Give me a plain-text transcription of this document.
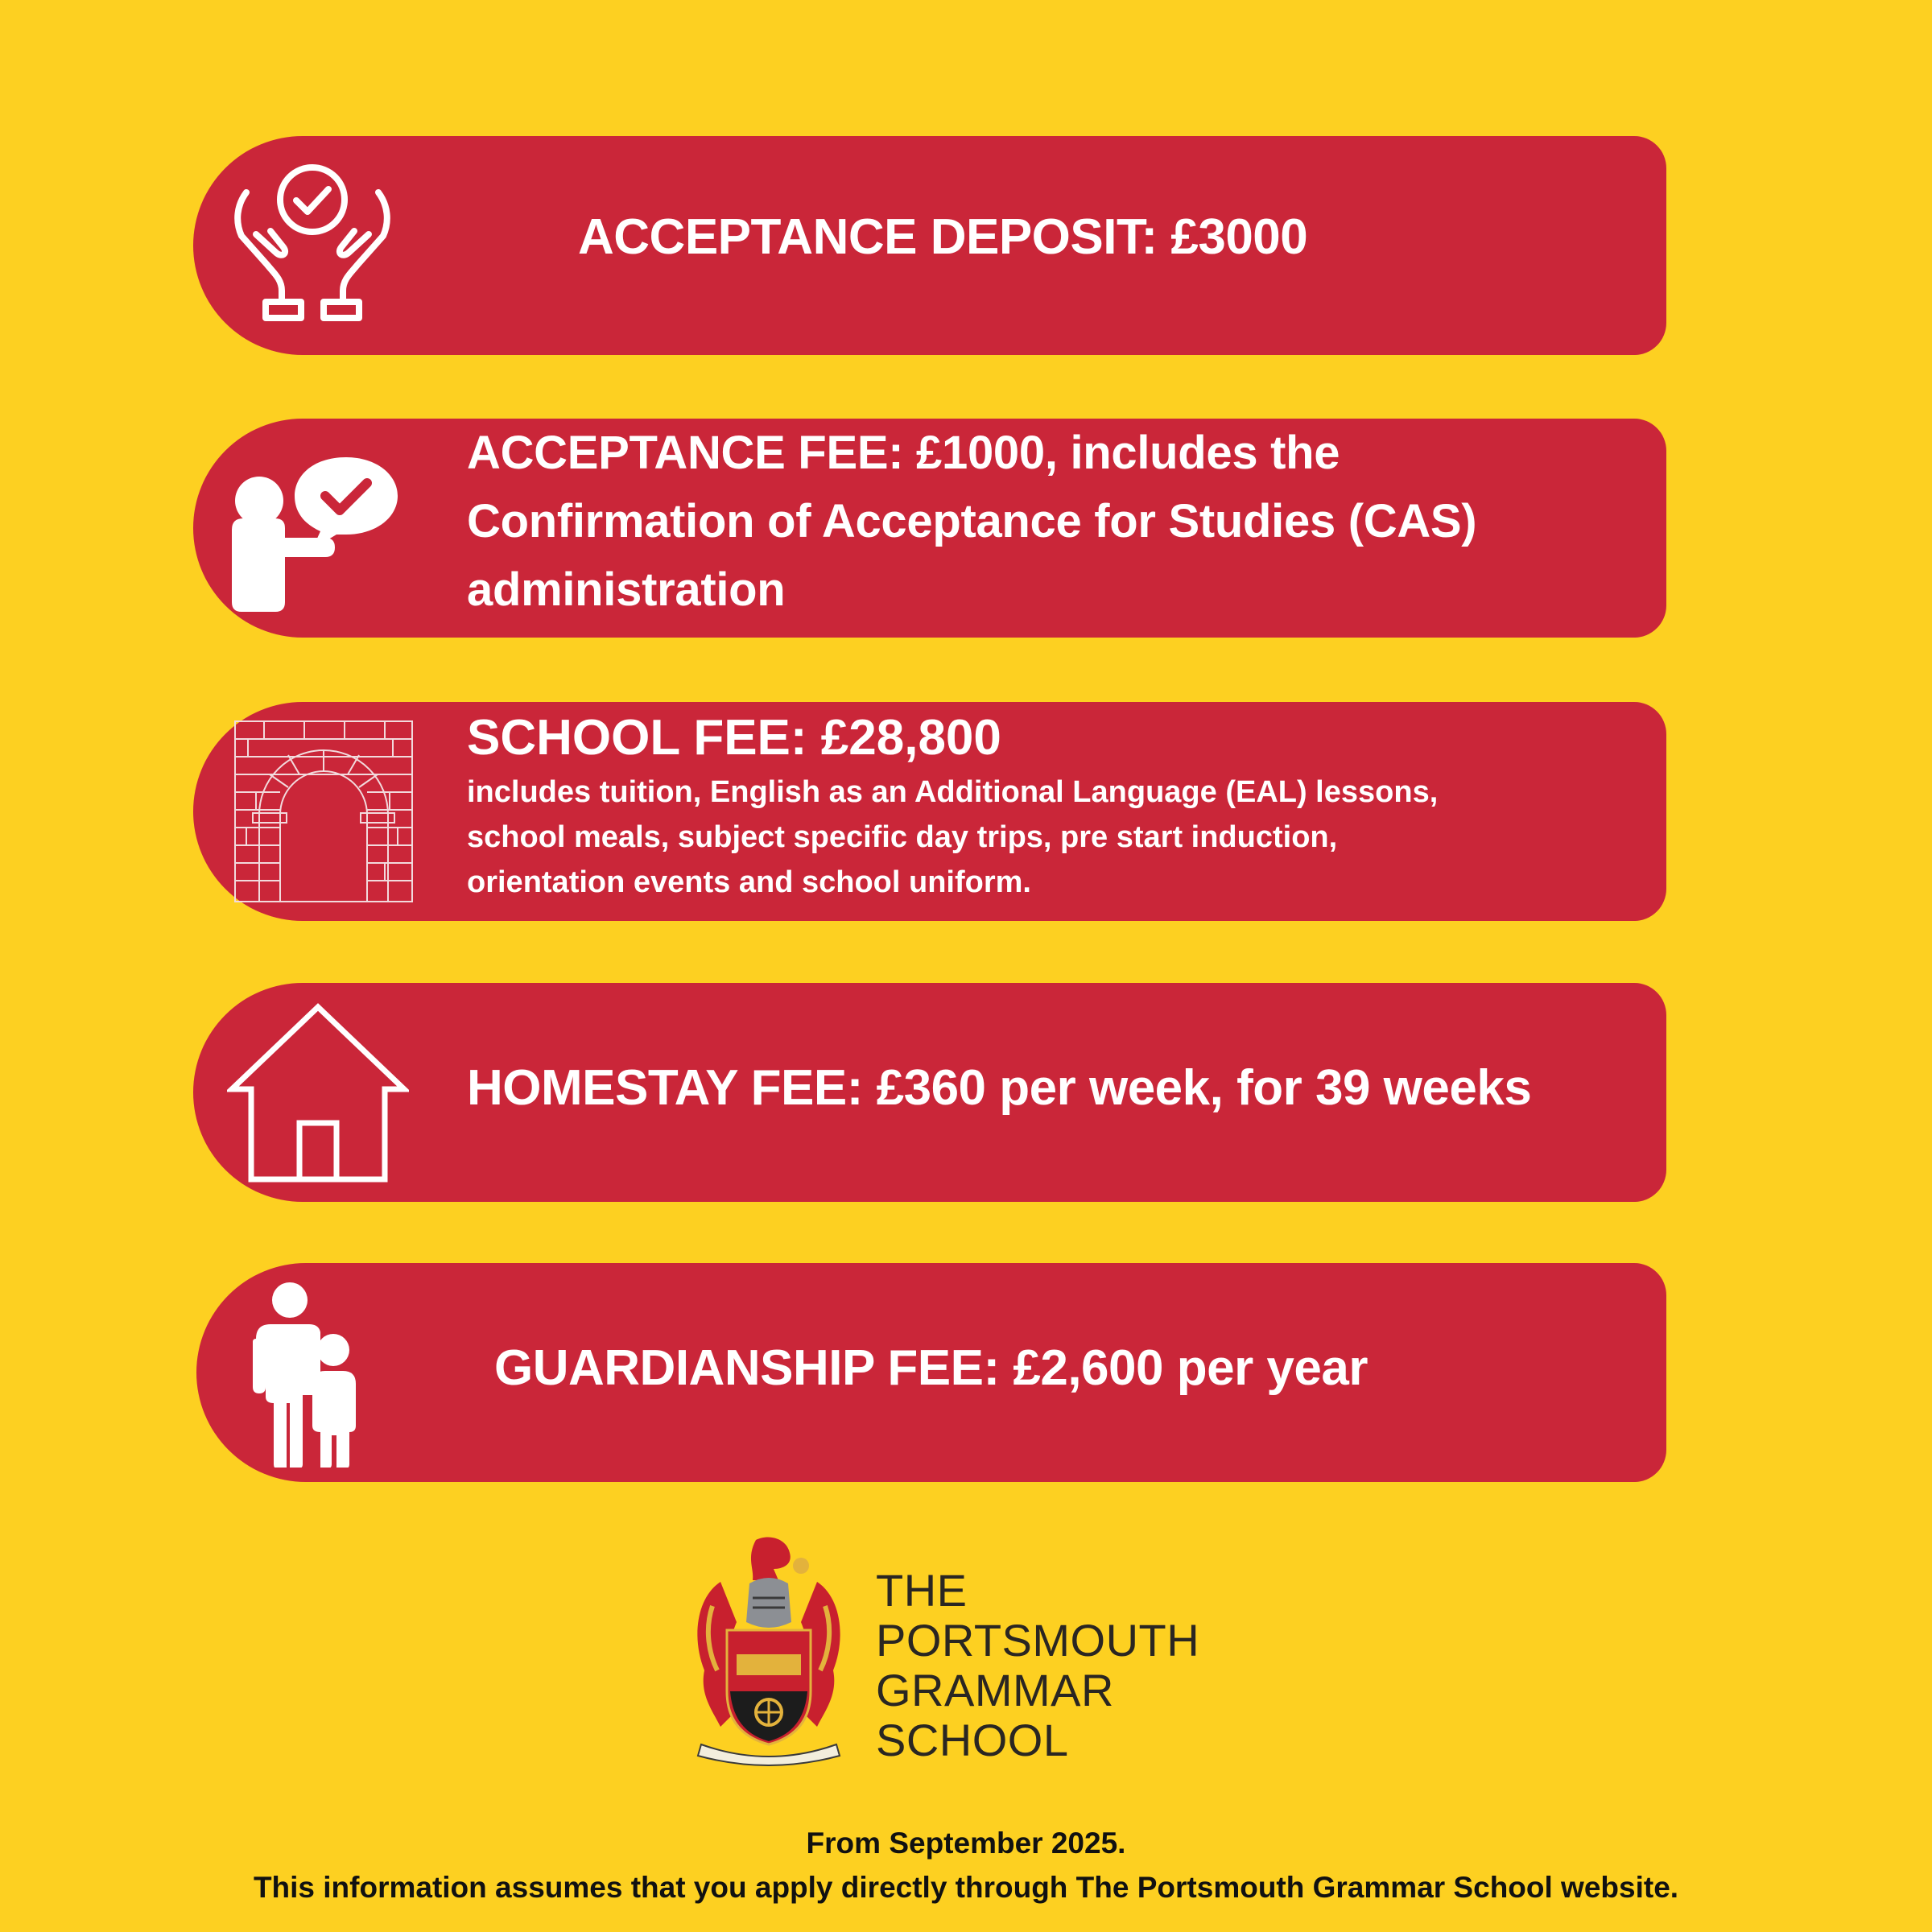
ACCEPTANCE DEPOSIT: £3000
ACCEPTANCE FEE: £1000, includes the
Confirmation of Acceptance for Studies (CAS)
administration
SCHOOL FEE: £28,800
includes tuition, English as an Additional Language (EAL) lessons,
school meals, subject specific day trips, pre start induction,
orientation events and school uniform.
HOMESTAY FEE: £360 per week, for 39 weeks
GUARDIANSHIP FEE: £2,600 per year
THE
PORTSMOUTH
GRAMMAR
SCHOOL
From September 2025.
This information assumes that you apply directly through The Portsmouth Grammar School website.
